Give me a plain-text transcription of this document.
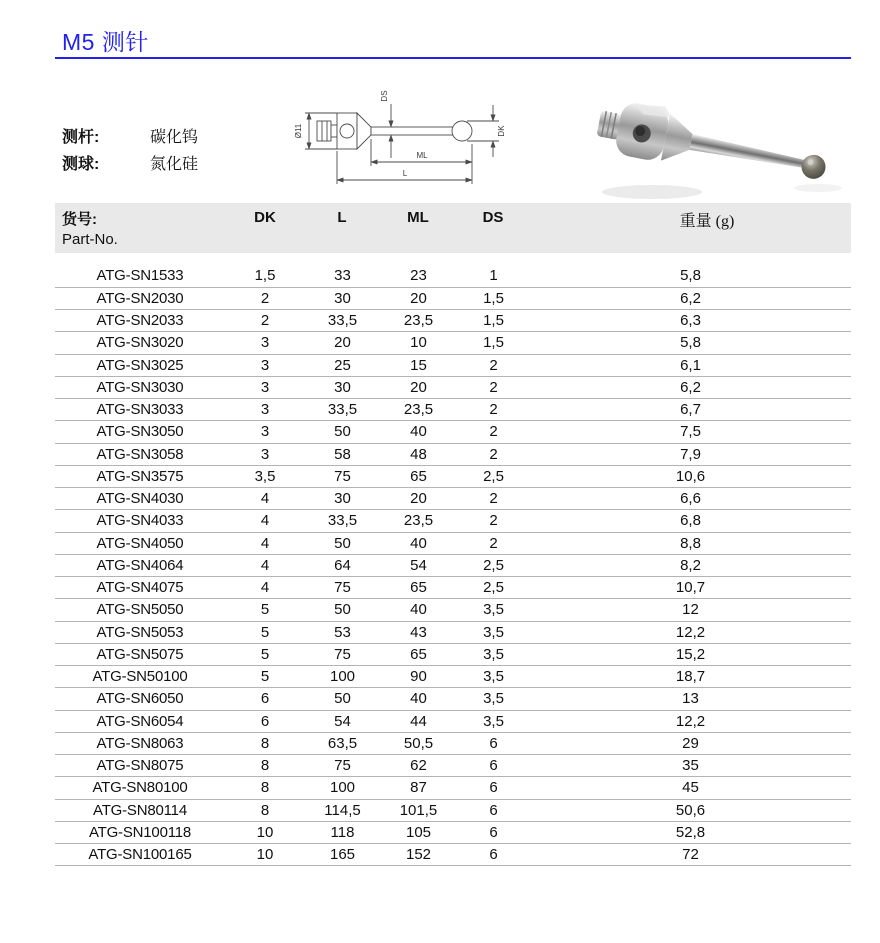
M5 测针
测杆:	碳化钨
测球:	氮化硅
Ø11
DS
DK
ML
L
货号:
Part-No.
DK	L	ML	DS	重量 (g)
ATG-SN1533	1,5	33	23	1	5,8
ATG-SN2030	2	30	20	1,5	6,2
ATG-SN2033	2	33,5	23,5	1,5	6,3
ATG-SN3020	3	20	10	1,5	5,8
ATG-SN3025	3	25	15	2	6,1
ATG-SN3030	3	30	20	2	6,2
ATG-SN3033	3	33,5	23,5	2	6,7
ATG-SN3050	3	50	40	2	7,5
ATG-SN3058	3	58	48	2	7,9
ATG-SN3575	3,5	75	65	2,5	10,6
ATG-SN4030	4	30	20	2	6,6
ATG-SN4033	4	33,5	23,5	2	6,8
ATG-SN4050	4	50	40	2	8,8
ATG-SN4064	4	64	54	2,5	8,2
ATG-SN4075	4	75	65	2,5	10,7
ATG-SN5050	5	50	40	3,5	12
ATG-SN5053	5	53	43	3,5	12,2
ATG-SN5075	5	75	65	3,5	15,2
ATG-SN50100	5	100	90	3,5	18,7
ATG-SN6050	6	50	40	3,5	13
ATG-SN6054	6	54	44	3,5	12,2
ATG-SN8063	8	63,5	50,5	6	29
ATG-SN8075	8	75	62	6	35
ATG-SN80100	8	100	87	6	45
ATG-SN80114	8	114,5	101,5	6	50,6
ATG-SN100118	10	118	105	6	52,8
ATG-SN100165	10	165	152	6	72
